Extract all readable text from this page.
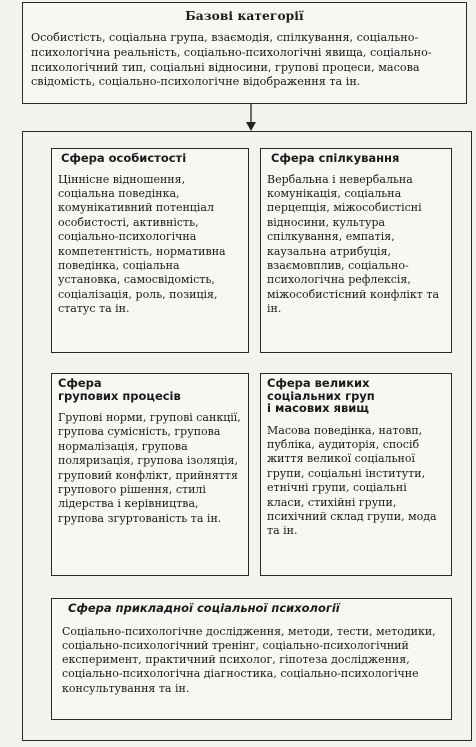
Базові категорії
Особистість, соціальна група, взаємодія, спілкування, соціально-психологічна реальність, соціально-психологічні явища, соціально-психологічний тип, соціальні відносини, групові процеси, масова свідомість, соціально-психологічне відображення та ін.
Сфера особистості
Ціннісне відношення, соціальна поведінка, комунікативний потенціал особистості, активність, соціально-психологічна компетентність, нормативна поведінка, соціальна установка, самосвідомість, соціалізація, роль, позиція, статус та ін.
Сфера спілкування
Вербальна і невербальна комунікація, соціальна перцепція, міжособистісні відносини, культура спілкування, емпатія, каузальна атрибуція, взаємовплив, соціально-психологічна рефлексія, міжособистісний конфлікт та ін.
Сфера
групових процесів
Групові норми, групові санкції, групова сумісність, групова нормалізація, групова поляризація, групова ізоляція, груповий конфлікт, прийняття групового рішення, стилі лідерства і керівництва, групова згуртованість та ін.
Сфера великих
соціальних груп
і масових явищ
Масова поведінка, натовп, публіка, аудиторія, спосіб життя великої соціальної групи, соціальні інститути, етнічні групи, соціальні класи, стихійні групи, психічний склад групи, мода та ін.
Сфера прикладної соціальної психології
Соціально-психологічне дослідження, методи, тести, методики, соціально-психологічний тренінг, соціально-психологічний експеримент, практичний психолог, гіпотеза дослідження, соціально-психологічна діагностика, соціально-психологічне консультування та ін.
